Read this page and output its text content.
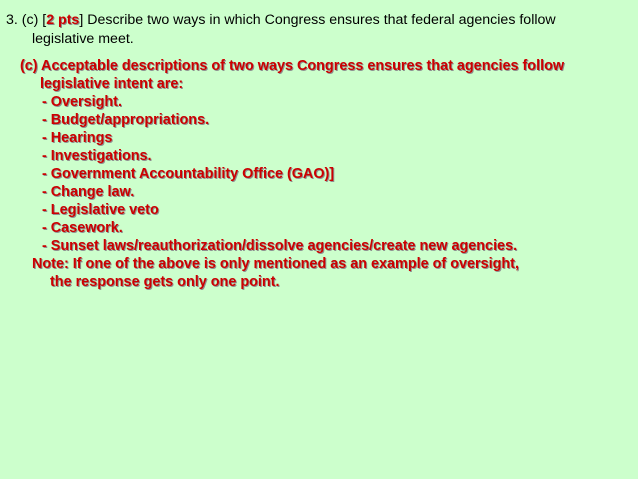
3. (c) [2 pts] Describe two ways in which Congress ensures that federal agencies follow
legislative meet.
(c) Acceptable descriptions of two ways Congress ensures that agencies follow
legislative intent are:
- Oversight.
- Budget/appropriations.
- Hearings
- Investigations.
- Government Accountability Office (GAO)]
- Change law.
- Legislative veto
- Casework.
- Sunset laws/reauthorization/dissolve agencies/create new agencies.
Note: If one of the above is only mentioned as an example of oversight,
the response gets only one point.
